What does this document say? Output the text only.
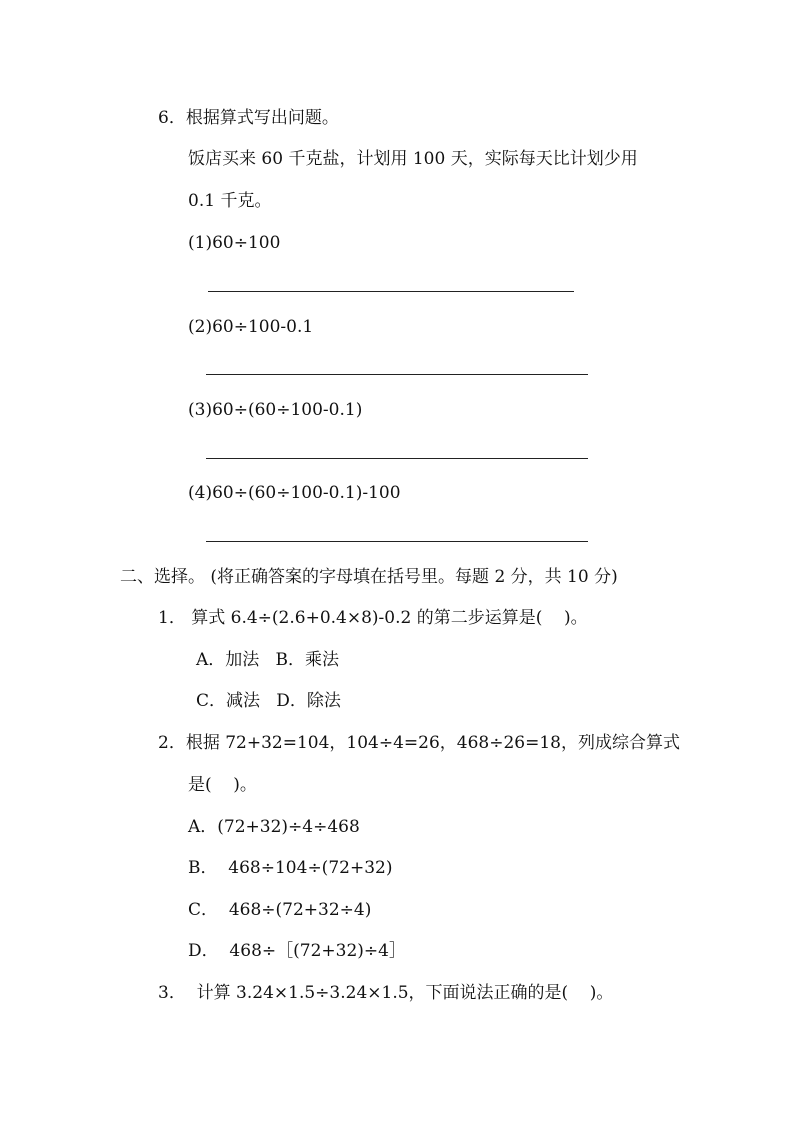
6．根据算式写出问题。
饭店买来 60 千克盐，计划用 100 天，实际每天比计划少用
0.1 千克。
(1)60÷100
(2)60÷100-0.1
(3)60÷(60÷100-0.1)
(4)60÷(60÷100-0.1)-100
二、选择。 (将正确答案的字母填在括号里。每题 2 分，共 10 分)
1． 算式 6.4÷(2.6+0.4×8)-0.2 的第二步运算是(    )。
A．加法   B．乘法
C．减法   D．除法
2．根据 72+32=104，104÷4=26，468÷26=18，列成综合算式
是(    )。
A．(72+32)÷4÷468
B．  468÷104÷(72+32)
C．  468÷(72+32÷4)
D．  468÷［(72+32)÷4］
3．  计算 3.24×1.5÷3.24×1.5，下面说法正确的是(    )。
